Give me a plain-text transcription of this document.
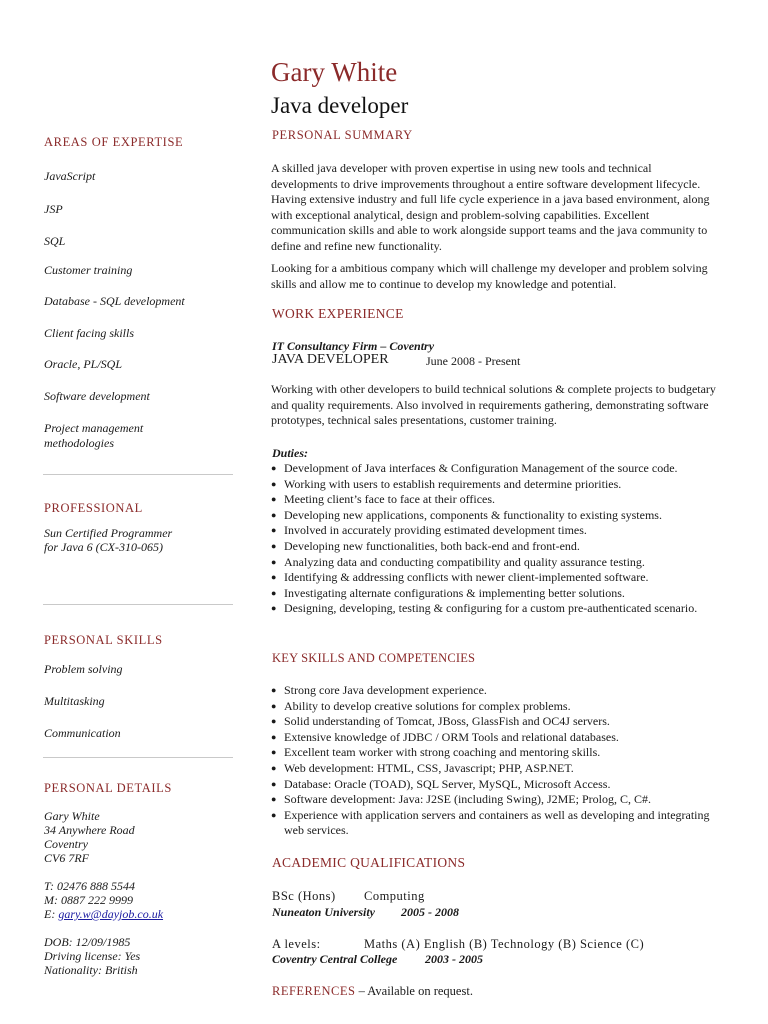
Gary White
Java developer
AREAS OF EXPERTISE
JavaScript
JSP
SQL
Customer training
Database - SQL development
Client facing skills
Oracle, PL/SQL
Software development
Project management methodologies
PROFESSIONAL
Sun Certified Programmer for Java 6 (CX-310-065)
PERSONAL SKILLS
Problem solving
Multitasking
Communication
PERSONAL DETAILS
Gary White
34 Anywhere Road
Coventry
CV6 7RF
T: 02476 888 5544
M: 0887 222 9999
E: gary.w@dayjob.co.uk
DOB: 12/09/1985
Driving license: Yes
Nationality: British
PERSONAL SUMMARY
A skilled java developer with proven expertise in using new tools and technical developments to drive improvements throughout a entire software development lifecycle. Having extensive industry and full life cycle experience in a java based environment, along with exceptional analytical, design and problem-solving capabilities. Excellent communication skills and able to work alongside support teams and the java community to define and refine new functionality.
Looking for a ambitious company which will challenge my developer and problem solving skills and allow me to continue to develop my knowledge and potential.
WORK EXPERIENCE
IT Consultancy Firm – Coventry
JAVA DEVELOPER	June 2008 - Present
Working with other developers to build technical solutions & complete projects to budgetary and quality requirements. Also involved in requirements gathering, demonstrating software prototypes, technical sales presentations, customer training.
Duties:
● Development of Java interfaces & Configuration Management of the source code.
● Working with users to establish requirements and determine priorities.
● Meeting client’s face to face at their offices.
● Developing new applications, components & functionality to existing systems.
● Involved in accurately providing estimated development times.
● Developing new functionalities, both back-end and front-end.
● Analyzing data and conducting compatibility and quality assurance testing.
● Identifying & addressing conflicts with newer client-implemented software.
● Investigating alternate configurations & implementing better solutions.
● Designing, developing, testing & configuring for a custom pre-authenticated scenario.
KEY SKILLS AND COMPETENCIES
● Strong core Java development experience.
● Ability to develop creative solutions for complex problems.
● Solid understanding of Tomcat, JBoss, GlassFish and OC4J servers.
● Extensive knowledge of JDBC / ORM Tools and relational databases.
● Excellent team worker with strong coaching and mentoring skills.
● Web development: HTML, CSS, Javascript; PHP, ASP.NET.
● Database: Oracle (TOAD), SQL Server, MySQL, Microsoft Access.
● Software development: Java: J2SE (including Swing), J2ME; Prolog, C, C#.
● Experience with application servers and containers as well as developing and integrating web services.
ACADEMIC QUALIFICATIONS
BSc (Hons) Computing
Nuneaton University 2005 - 2008
A levels:	Maths (A) English (B) Technology (B) Science (C)
Coventry Central College 2003 - 2005
REFERENCES – Available on request.
